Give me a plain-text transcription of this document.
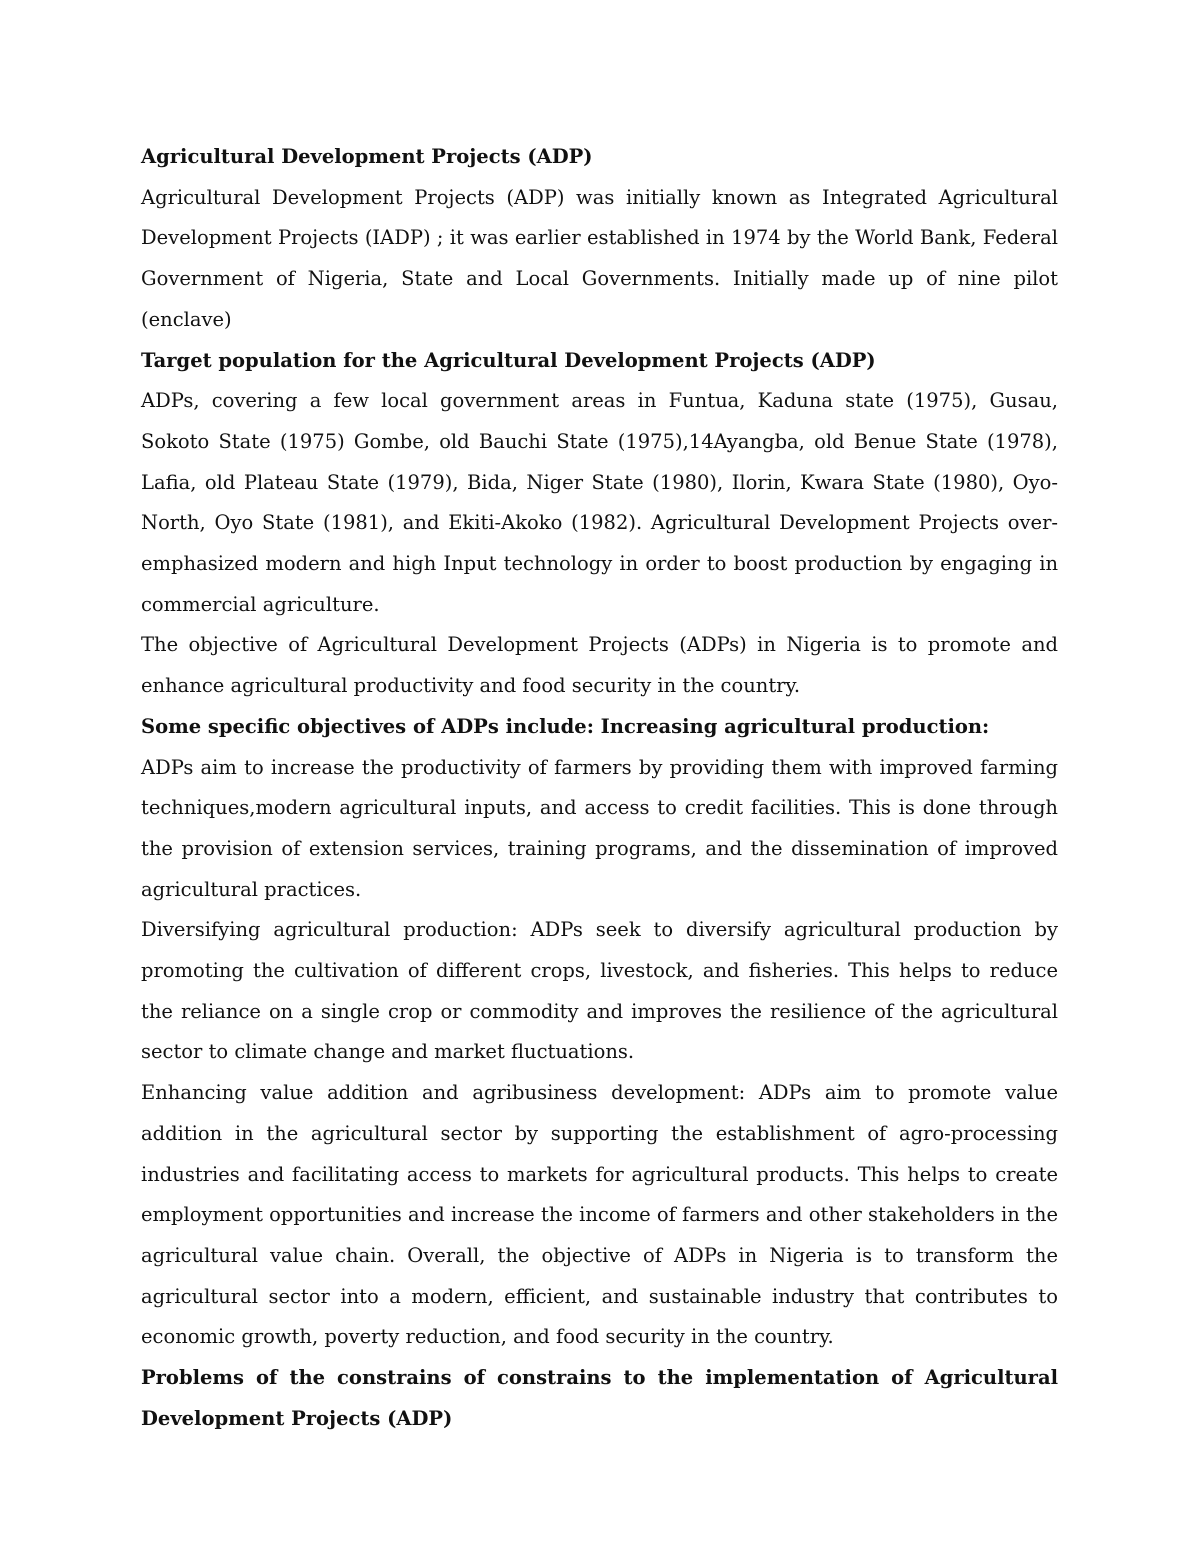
Agricultural Development Projects (ADP)

Agricultural Development Projects (ADP) was initially known as Integrated Agricultural Development Projects (IADP) ; it was earlier established in 1974 by the World Bank, Federal Government of Nigeria, State and Local Governments. Initially made up of nine pilot (enclave)

Target population for the Agricultural Development Projects (ADP)

ADPs, covering a few local government areas in Funtua, Kaduna state (1975), Gusau, Sokoto State (1975) Gombe, old Bauchi State (1975),14Ayangba, old Benue State (1978), Lafia, old Plateau State (1979), Bida, Niger State (1980), Ilorin, Kwara State (1980), Oyo-North, Oyo State (1981), and Ekiti-Akoko (1982). Agricultural Development Projects over-emphasized modern and high Input technology in order to boost production by engaging in commercial agriculture.

The objective of Agricultural Development Projects (ADPs) in Nigeria is to promote and enhance agricultural productivity and food security in the country.

Some specific objectives of ADPs include: Increasing agricultural production:

ADPs aim to increase the productivity of farmers by providing them with improved farming techniques,modern agricultural inputs, and access to credit facilities. This is done through the provision of extension services, training programs, and the dissemination of improved agricultural practices.

Diversifying agricultural production: ADPs seek to diversify agricultural production by promoting the cultivation of different crops, livestock, and fisheries. This helps to reduce the reliance on a single crop or commodity and improves the resilience of the agricultural sector to climate change and market fluctuations.

Enhancing value addition and agribusiness development: ADPs aim to promote value addition in the agricultural sector by supporting the establishment of agro-processing industries and facilitating access to markets for agricultural products. This helps to create employment opportunities and increase the income of farmers and other stakeholders in the agricultural value chain. Overall, the objective of ADPs in Nigeria is to transform the agricultural sector into a modern, efficient, and sustainable industry that contributes to economic growth, poverty reduction, and food security in the country.

Problems of the constrains of constrains to the implementation of Agricultural Development Projects (ADP)
